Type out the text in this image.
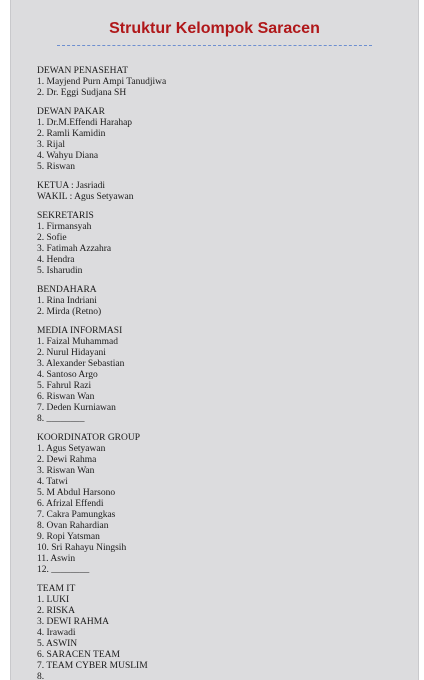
Struktur Kelompok Saracen
DEWAN PENASEHAT
1. Mayjend Purn Ampi Tanudjiwa
2. Dr. Eggi Sudjana SH
DEWAN PAKAR
1. Dr.M.Effendi Harahap
2. Ramli Kamidin
3. Rijal
4. Wahyu Diana
5. Riswan
KETUA : Jasriadi
WAKIL : Agus Setyawan
SEKRETARIS
1. Firmansyah
2. Sofie
3. Fatimah Azzahra
4. Hendra
5. Isharudin
BENDAHARA
1. Rina Indriani
2. Mirda (Retno)
MEDIA INFORMASI
1. Faizal Muhammad
2. Nurul Hidayani
3. Alexander Sebastian
4. Santoso Argo
5. Fahrul Razi
6. Riswan Wan
7. Deden Kurniawan
8. ________
KOORDINATOR GROUP
1. Agus Setyawan
2. Dewi Rahma
3. Riswan Wan
4. Tatwi
5. M Abdul Harsono
6. Afrizal Effendi
7. Cakra Pamungkas
8. Ovan Rahardian
9. Ropi Yatsman
10. Sri Rahayu Ningsih
11. Aswin
12. ________
TEAM IT
1. LUKI
2. RISKA
3. DEWI RAHMA
4. Irawadi
5. ASWIN
6. SARACEN TEAM
7. TEAM CYBER MUSLIM
8.
